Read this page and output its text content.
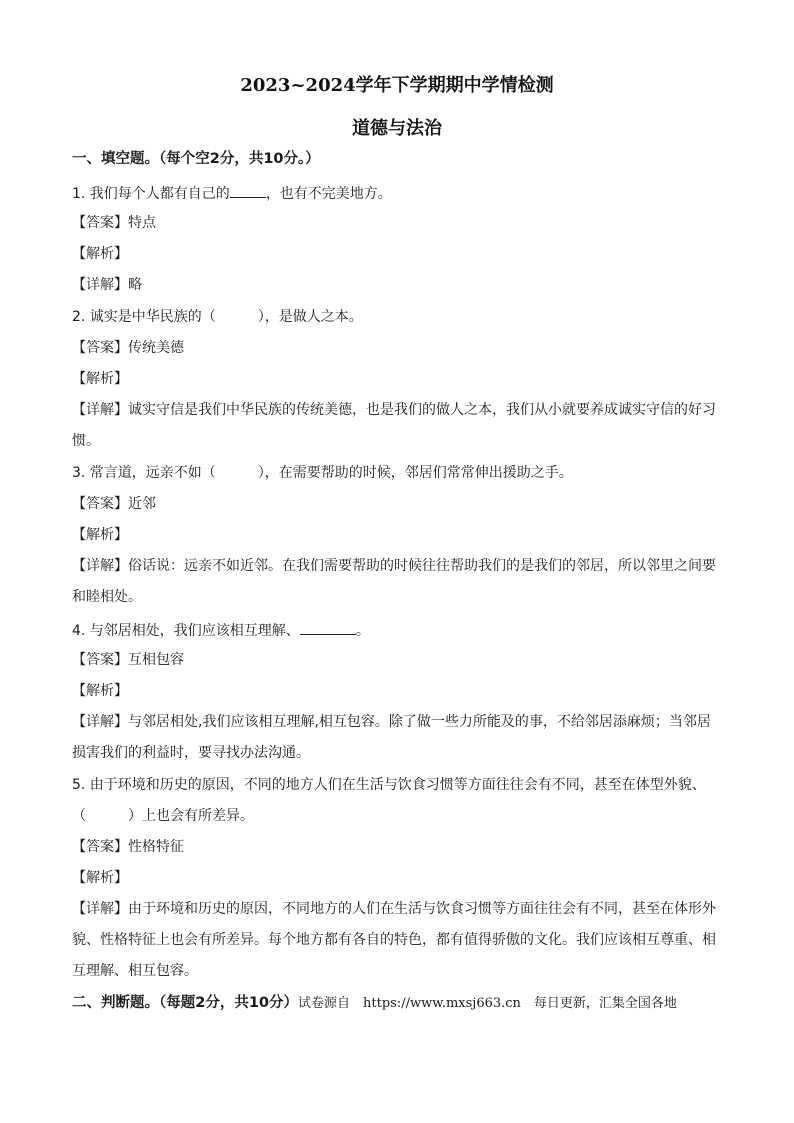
2023~2024学年下学期期中学情检测
道德与法治
一、填空题。（每个空2分，共10分。）
1. 我们每个人都有自己的	，也有不完美地方。
【答案】特点
【解析】
【详解】略
2. 诚实是中华民族的（	），是做人之本。
【答案】传统美德
【解析】
【详解】诚实守信是我们中华民族的传统美德，也是我们的做人之本，我们从小就要养成诚实守信的好习
惯。
3. 常言道，远亲不如（	），在需要帮助的时候，邻居们常常伸出援助之手。
【答案】近邻
【解析】
【详解】俗话说：远亲不如近邻。在我们需要帮助的时候往往帮助我们的是我们的邻居，所以邻里之间要
和睦相处。
4. 与邻居相处，我们应该相互理解、	。
【答案】互相包容
【解析】
【详解】与邻居相处,我们应该相互理解,相互包容。除了做一些力所能及的事，不给邻居添麻烦；当邻居
损害我们的利益时，要寻找办法沟通。
5. 由于环境和历史的原因，不同的地方人们在生活与饮食习惯等方面往往会有不同，甚至在体型外貌、
（	）上也会有所差异。
【答案】性格特征
【解析】
【详解】由于环境和历史的原因，不同地方的人们在生活与饮食习惯等方面往往会有不同，甚至在体形外
貌、性格特征上也会有所差异。每个地方都有各自的特色，都有值得骄傲的文化。我们应该相互尊重、相
互理解、相互包容。
二、判断题。（每题2分，共10分）试卷源自　https://www.mxsj663.cn　每日更新，汇集全国各地
